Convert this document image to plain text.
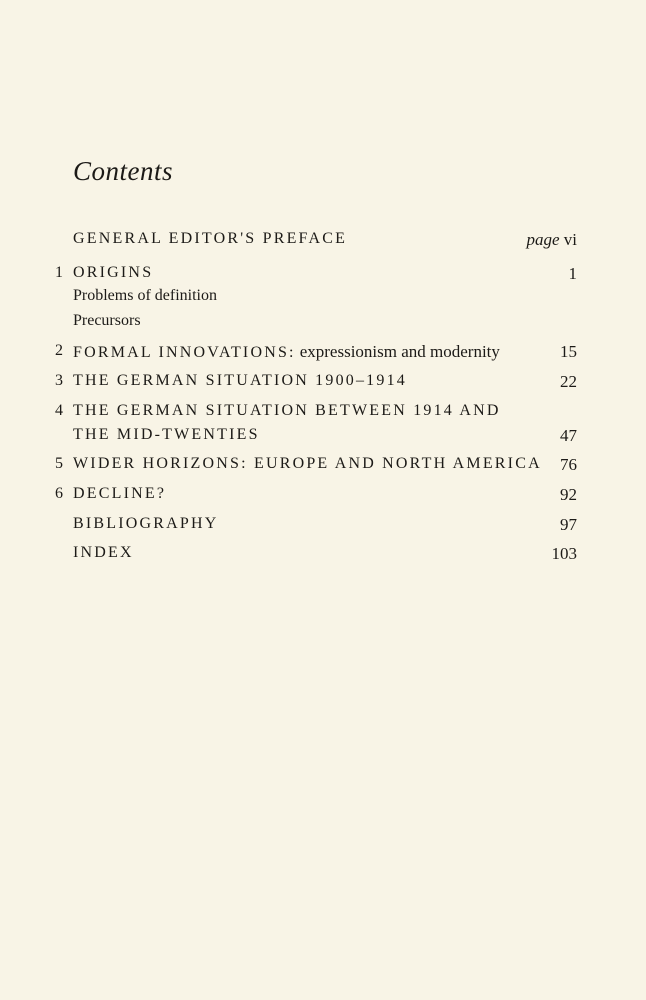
Contents
GENERAL EDITOR'S PREFACE	page vi
1 ORIGINS	1
Problems of definition
Precursors
2 FORMAL INNOVATIONS: expressionism and modernity	15
3 THE GERMAN SITUATION 1900–1914	22
4 THE GERMAN SITUATION BETWEEN 1914 AND
THE MID-TWENTIES	47
5 WIDER HORIZONS: EUROPE AND NORTH AMERICA 76
6 DECLINE?	92
BIBLIOGRAPHY	97
INDEX	103
